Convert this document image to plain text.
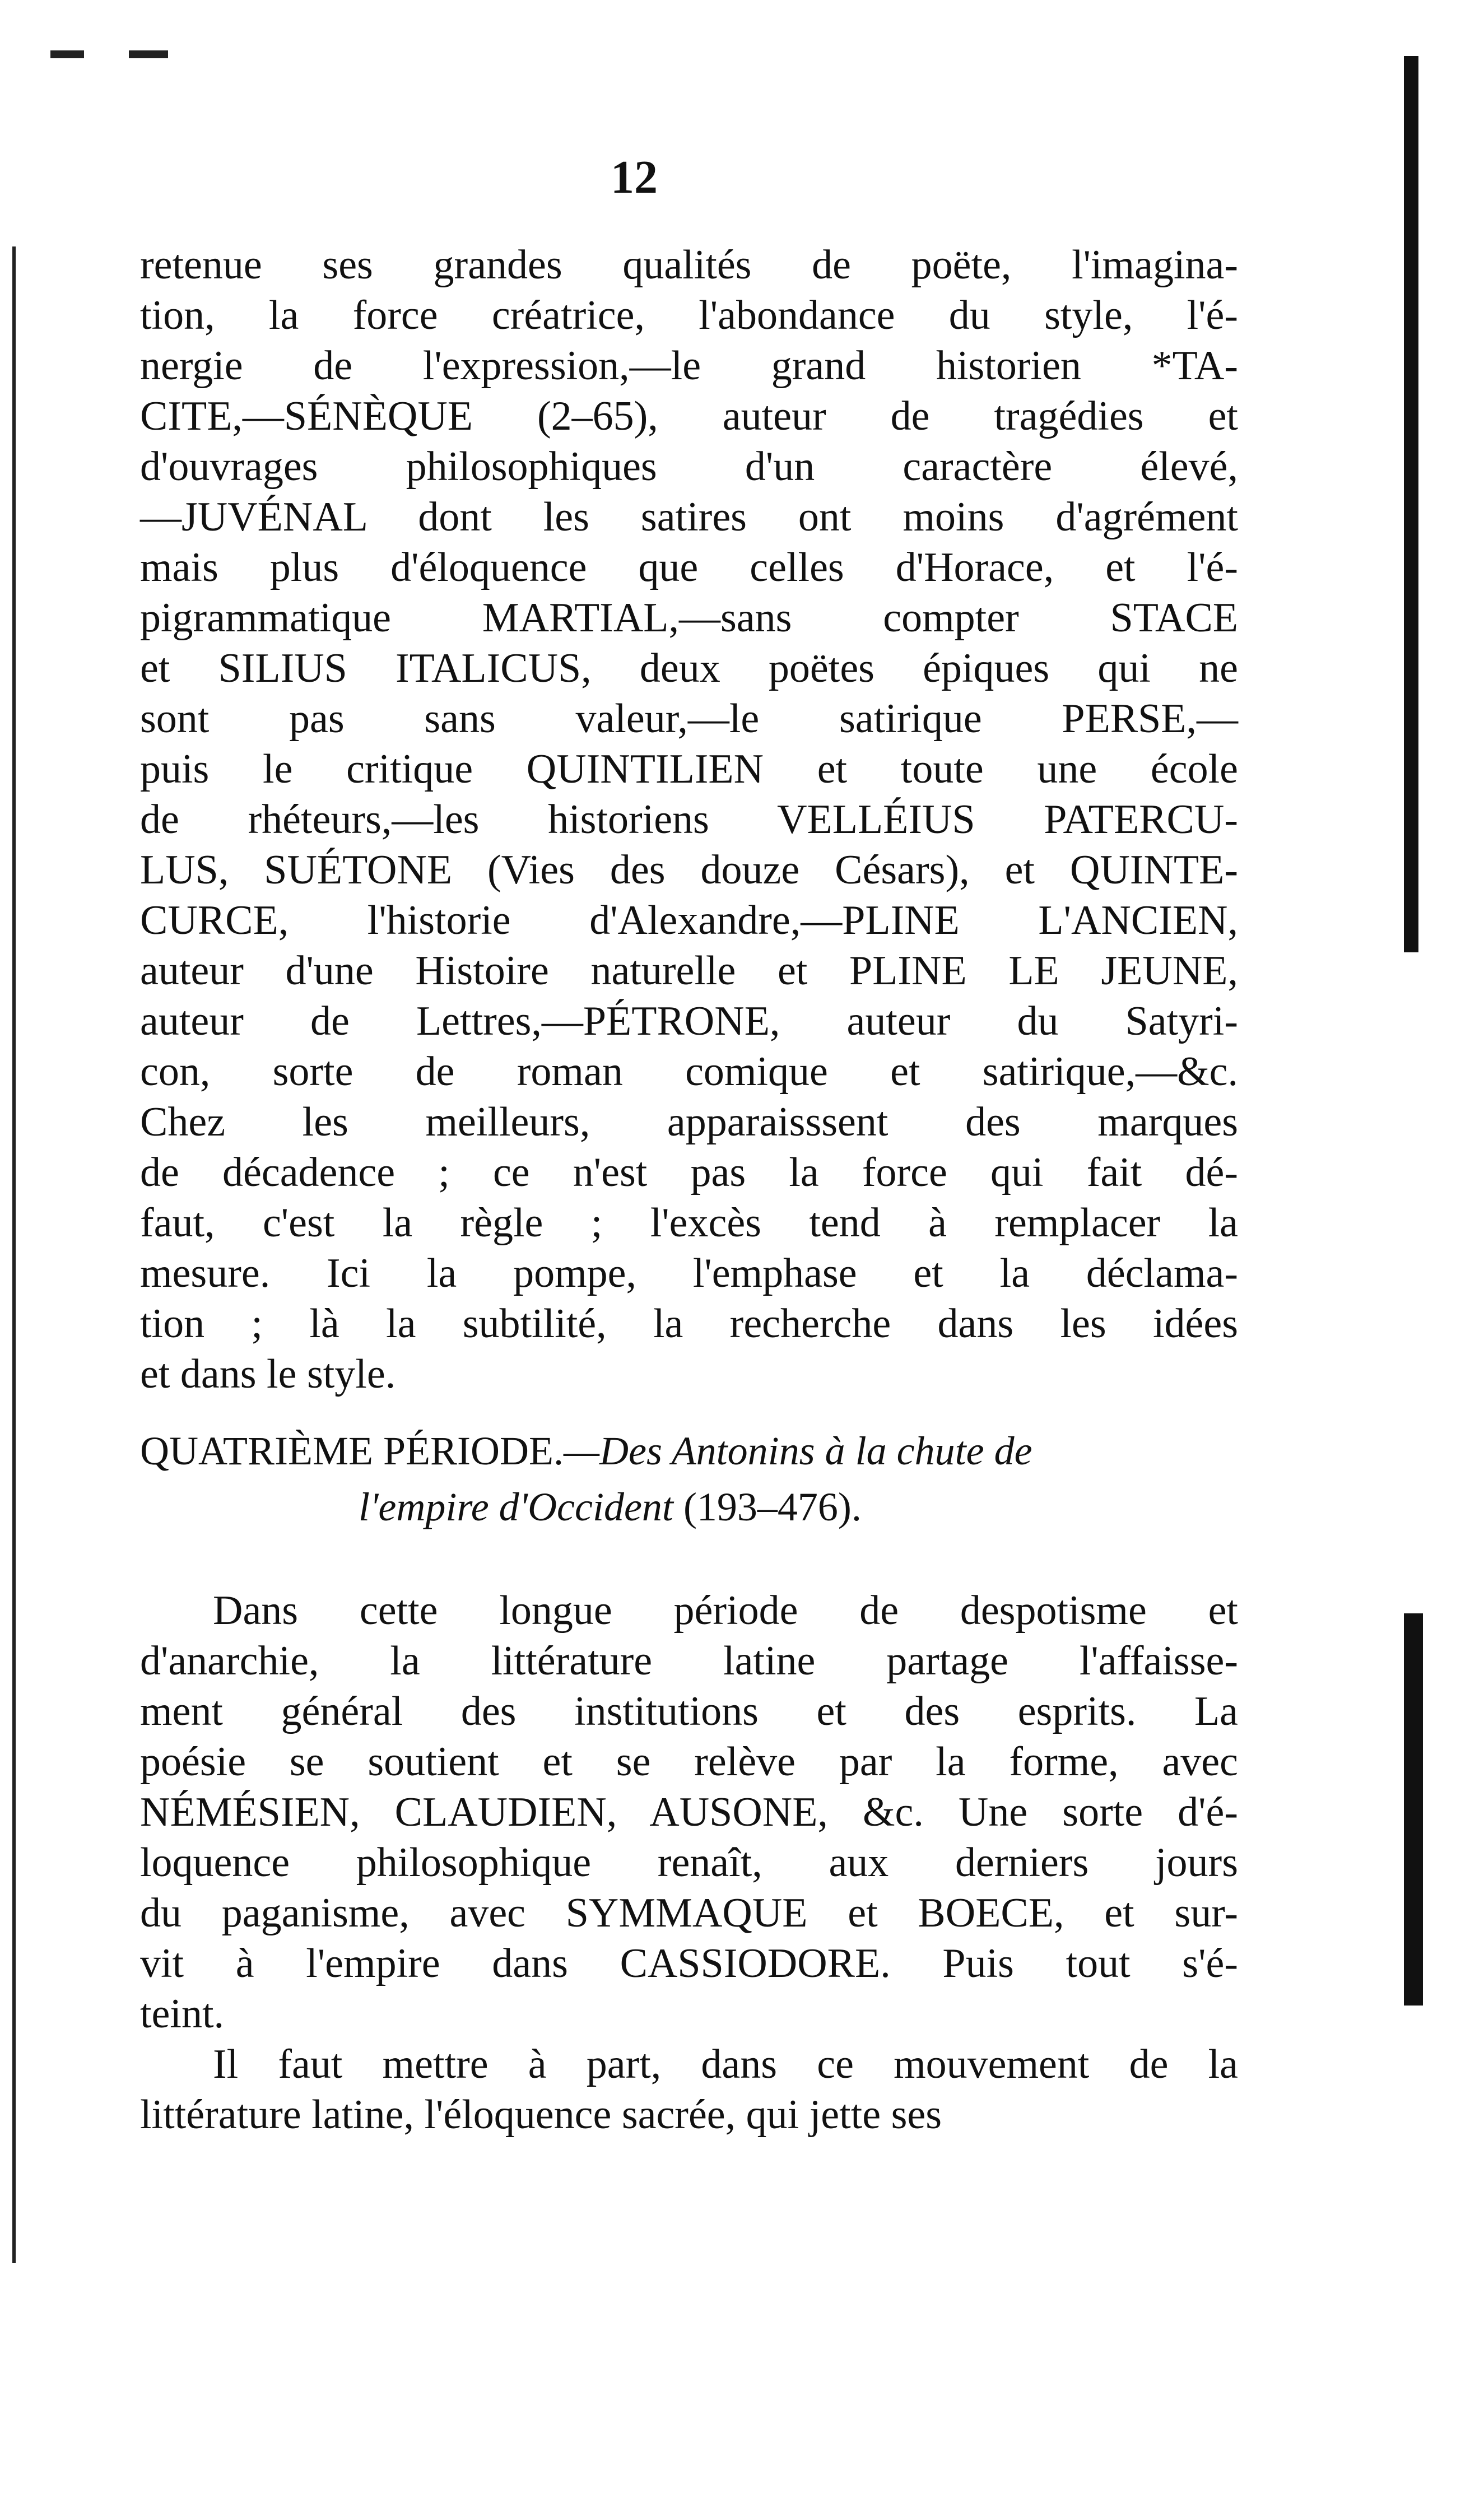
12
retenue ses grandes qualités de poëte, l'imagina-
tion, la force créatrice, l'abondance du style, l'é-
nergie de l'expression,—le grand historien *TA-
CITE,—SÉNÈQUE (2–65), auteur de tragédies et
d'ouvrages philosophiques d'un caractère élevé,
—JUVÉNAL dont les satires ont moins d'agrément
mais plus d'éloquence que celles d'Horace, et l'é-
pigrammatique MARTIAL,—sans compter STACE
et SILIUS ITALICUS, deux poëtes épiques qui ne
sont pas sans valeur,—le satirique PERSE,—
puis le critique QUINTILIEN et toute une école
de rhéteurs,—les historiens VELLÉIUS PATERCU-
LUS, SUÉTONE (Vies des douze Césars), et QUINTE-
CURCE, l'historie d'Alexandre,—PLINE L'ANCIEN,
auteur d'une Histoire naturelle et PLINE LE JEUNE,
auteur de Lettres,—PÉTRONE, auteur du Satyri-
con, sorte de roman comique et satirique,—&c.
Chez les meilleurs, apparaisssent des marques
de décadence ; ce n'est pas la force qui fait dé-
faut, c'est la règle ; l'excès tend à remplacer la
mesure. Ici la pompe, l'emphase et la déclama-
tion ; là la subtilité, la recherche dans les idées
et dans le style.
QUATRIÈME PÉRIODE.—Des Antonins à la chute de
l'empire d'Occident (193–476).
Dans cette longue période de despotisme et
d'anarchie, la littérature latine partage l'affaisse-
ment général des institutions et des esprits. La
poésie se soutient et se relève par la forme, avec
NÉMÉSIEN, CLAUDIEN, AUSONE, &c. Une sorte d'é-
loquence philosophique renaît, aux derniers jours
du paganisme, avec SYMMAQUE et BOECE, et sur-
vit à l'empire dans CASSIODORE. Puis tout s'é-
teint.
Il faut mettre à part, dans ce mouvement de la
littérature latine, l'éloquence sacrée, qui jette ses
